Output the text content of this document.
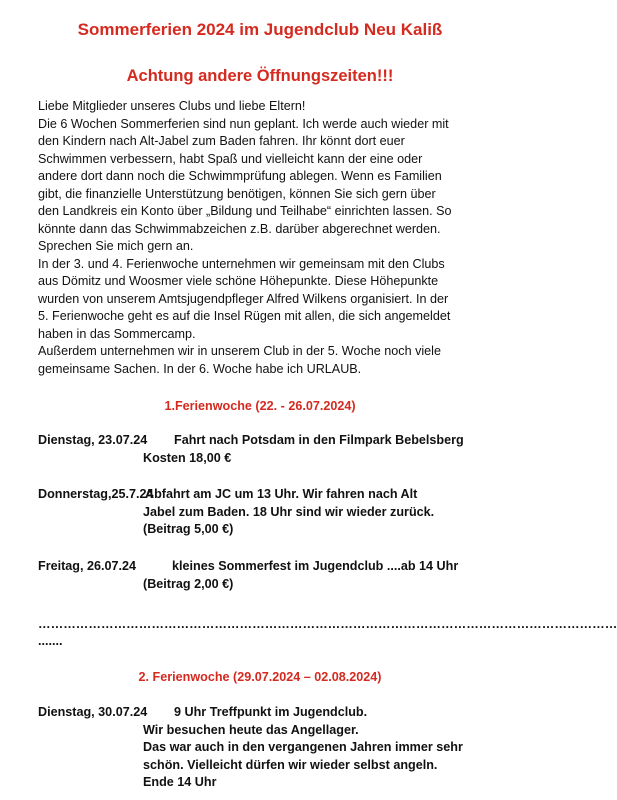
Sommerferien 2024 im Jugendclub Neu Kaliß
Achtung andere Öffnungszeiten!!!

Liebe Mitglieder unseres Clubs und liebe Eltern!

Die 6 Wochen Sommerferien sind nun geplant. Ich werde auch wieder mit

den Kindern nach Alt-Jabel zum Baden fahren. Ihr könnt dort euer

Schwimmen verbessern, habt Spaß und vielleicht kann der eine oder

andere dort dann noch die Schwimmprüfung ablegen. Wenn es Familien

gibt, die finanzielle Unterstützung benötigen, können Sie sich gern über

den Landkreis ein Konto über „Bildung und Teilhabe“ einrichten lassen. So

könnte dann das Schwimmabzeichen z.B. darüber abgerechnet werden.

Sprechen Sie mich gern an.

In der 3. und 4. Ferienwoche unternehmen wir gemeinsam mit den Clubs

aus Dömitz und Woosmer viele schöne Höhepunkte. Diese Höhepunkte

wurden von unserem Amtsjugendpfleger Alfred Wilkens organisiert. In der

5. Ferienwoche geht es auf die Insel Rügen mit allen, die sich angemeldet

haben in das Sommercamp.

Außerdem unternehmen wir in unserem Club in der 5. Woche noch viele

gemeinsame Sachen. In der 6. Woche habe ich URLAUB.

1.Ferienwoche (22. - 26.07.2024)
Dienstag, 23.07.24	Fahrt nach Potsdam in den Filmpark Bebelsberg
Kosten 18,00 €
Donnerstag,25.7.24
Abfahrt am JC um 13 Uhr. Wir fahren nach Alt
Jabel zum Baden. 18 Uhr sind wir wieder zurück.
(Beitrag 5,00 €)
Freitag, 26.07.24	kleines Sommerfest im Jugendclub ....ab 14 Uhr
(Beitrag 2,00 €)
…………………………………………………………………………………………………………………………
.......
2. Ferienwoche (29.07.2024 – 02.08.2024)
Dienstag, 30.07.24	9 Uhr Treffpunkt im Jugendclub.
Wir besuchen heute das Angellager.
Das war auch in den vergangenen Jahren immer sehr
schön. Vielleicht dürfen wir wieder selbst angeln.
Ende 14 Uhr
